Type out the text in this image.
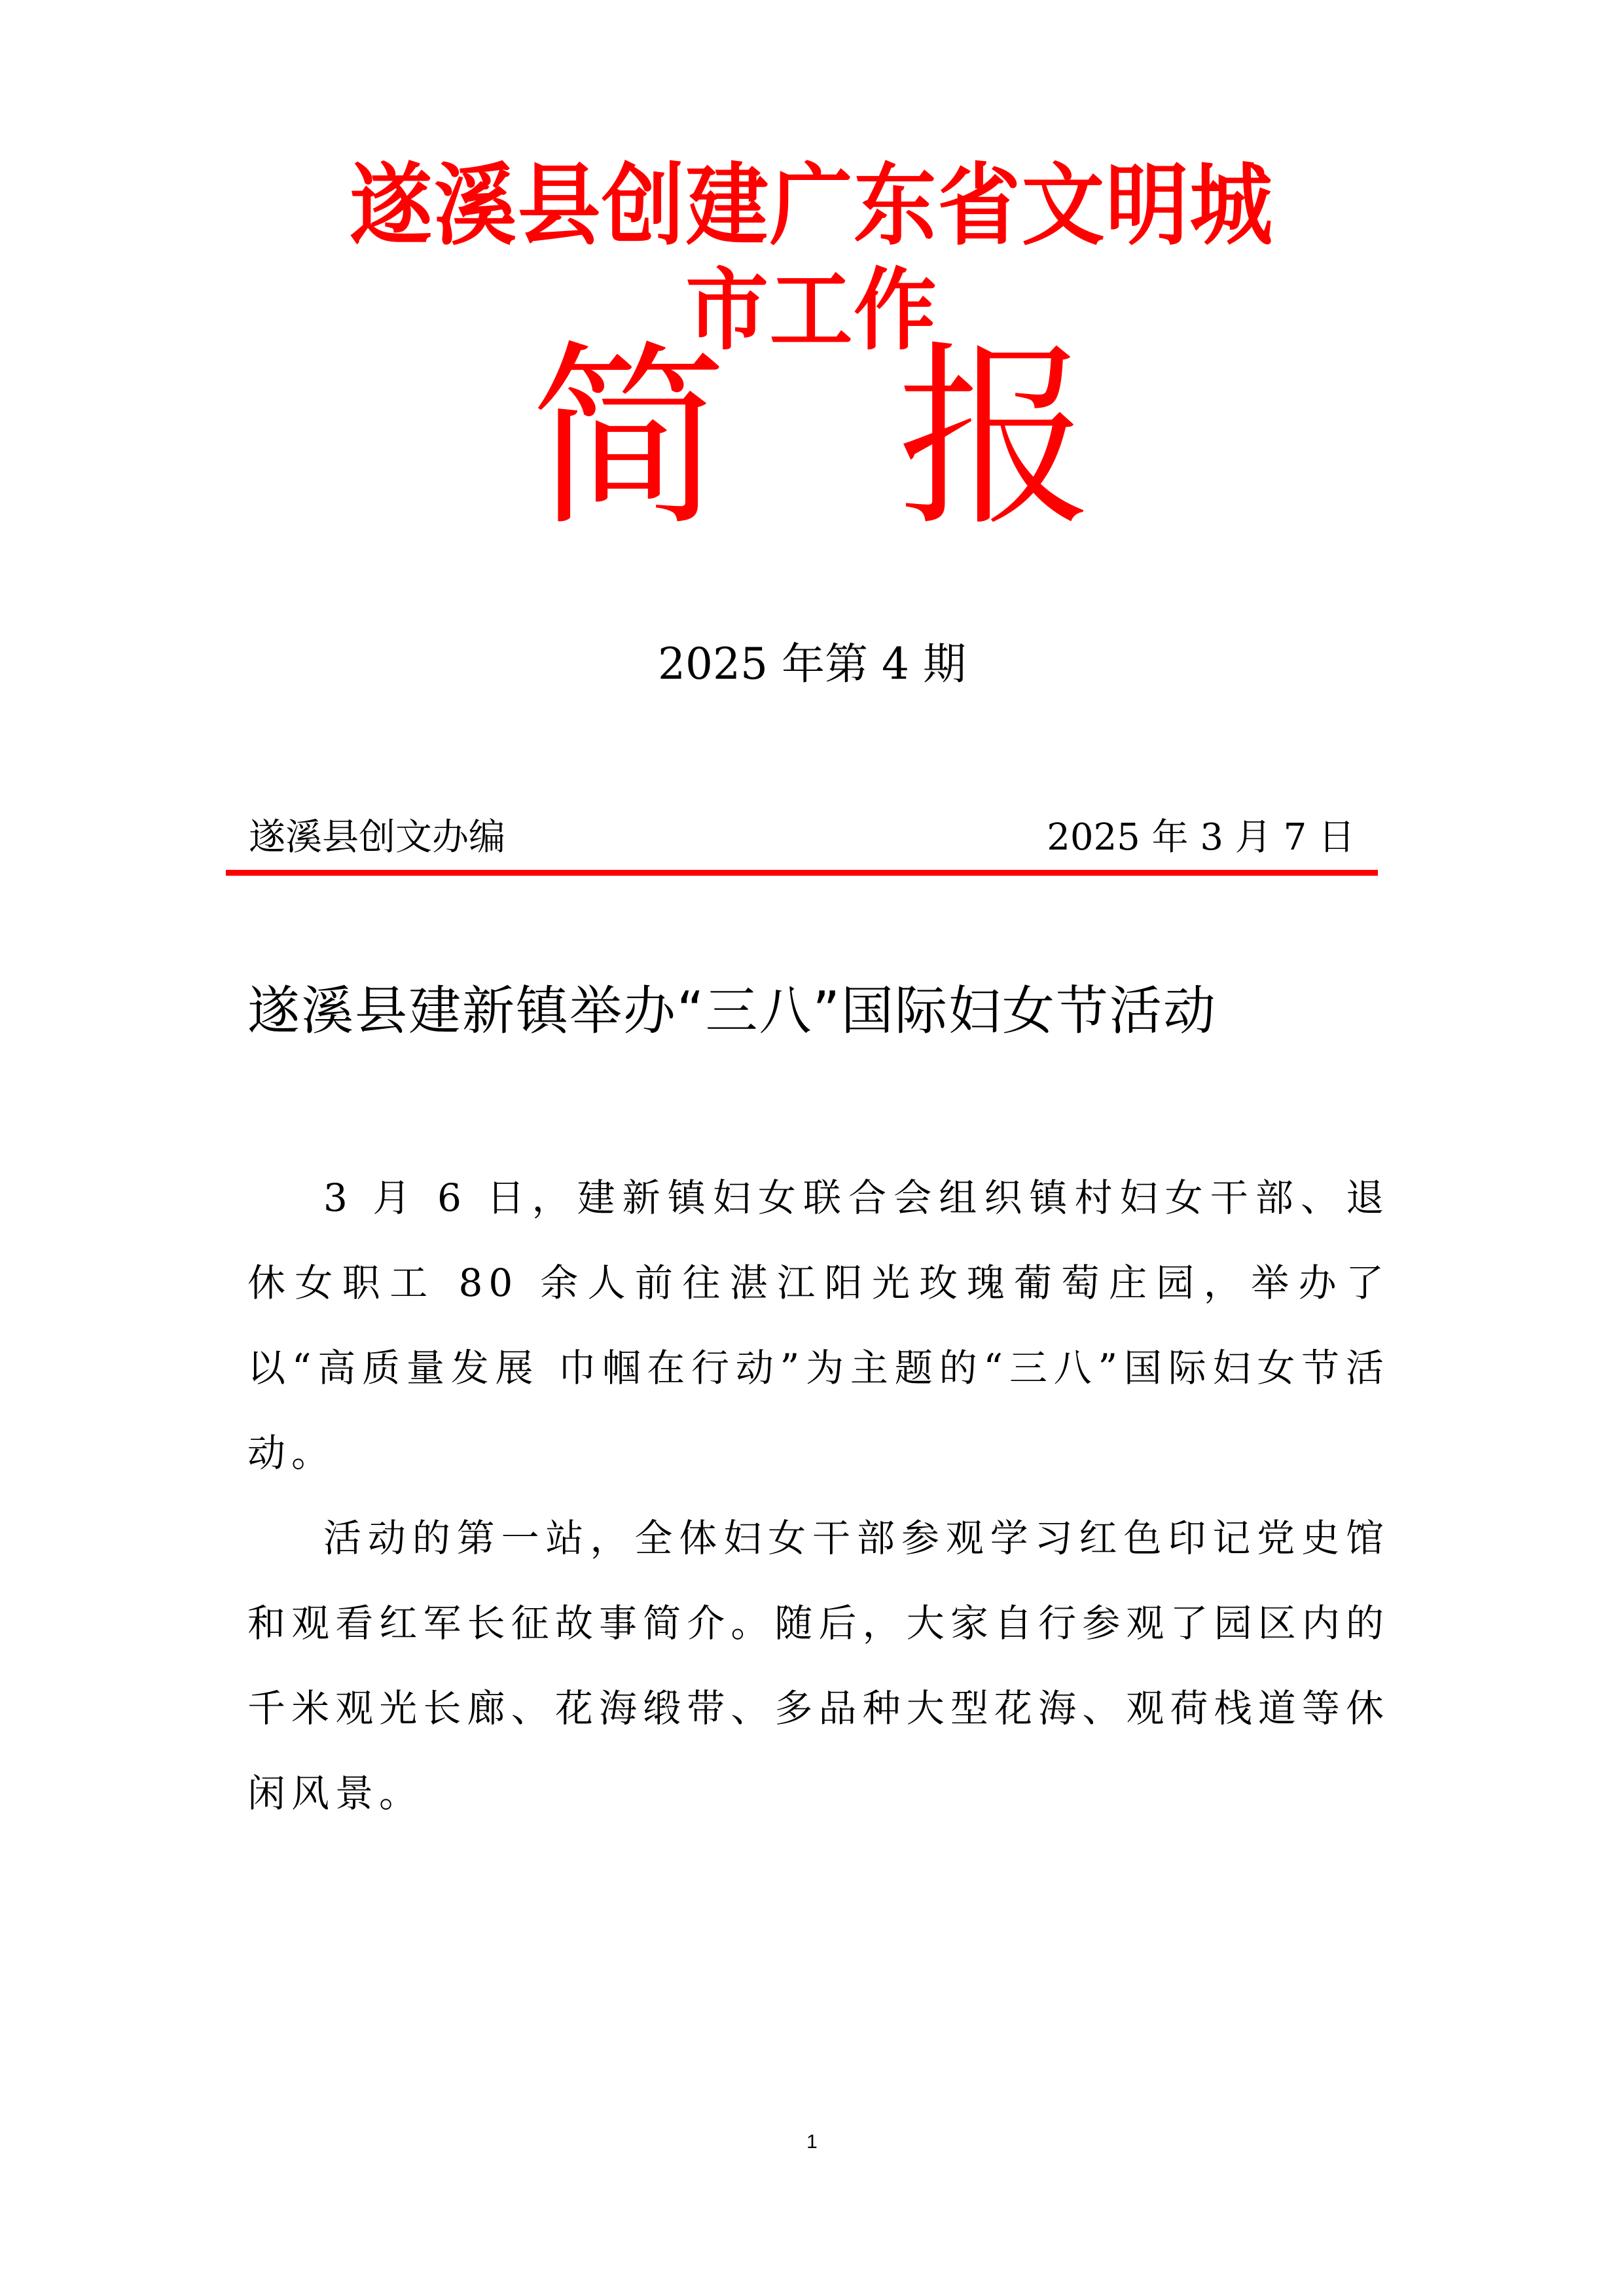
遂溪县创建广东省文明城市工作
简 报
2025 年第 4 期
遂溪县创文办编	2025 年 3 月 7 日
遂溪县建新镇举办“三八”国际妇女节活动

3 月 6 日，建新镇妇女联合会组织镇村妇女干部、退休女职工 80 余人前往湛江阳光玫瑰葡萄庄园，举办了以“高质量发展 巾帼在行动”为主题的“三八”国际妇女节活动。

活动的第一站，全体妇女干部参观学习红色印记党史馆和观看红军长征故事简介。随后，大家自行参观了园区内的千米观光长廊、花海缎带、多品种大型花海、观荷栈道等休闲风景。

1
